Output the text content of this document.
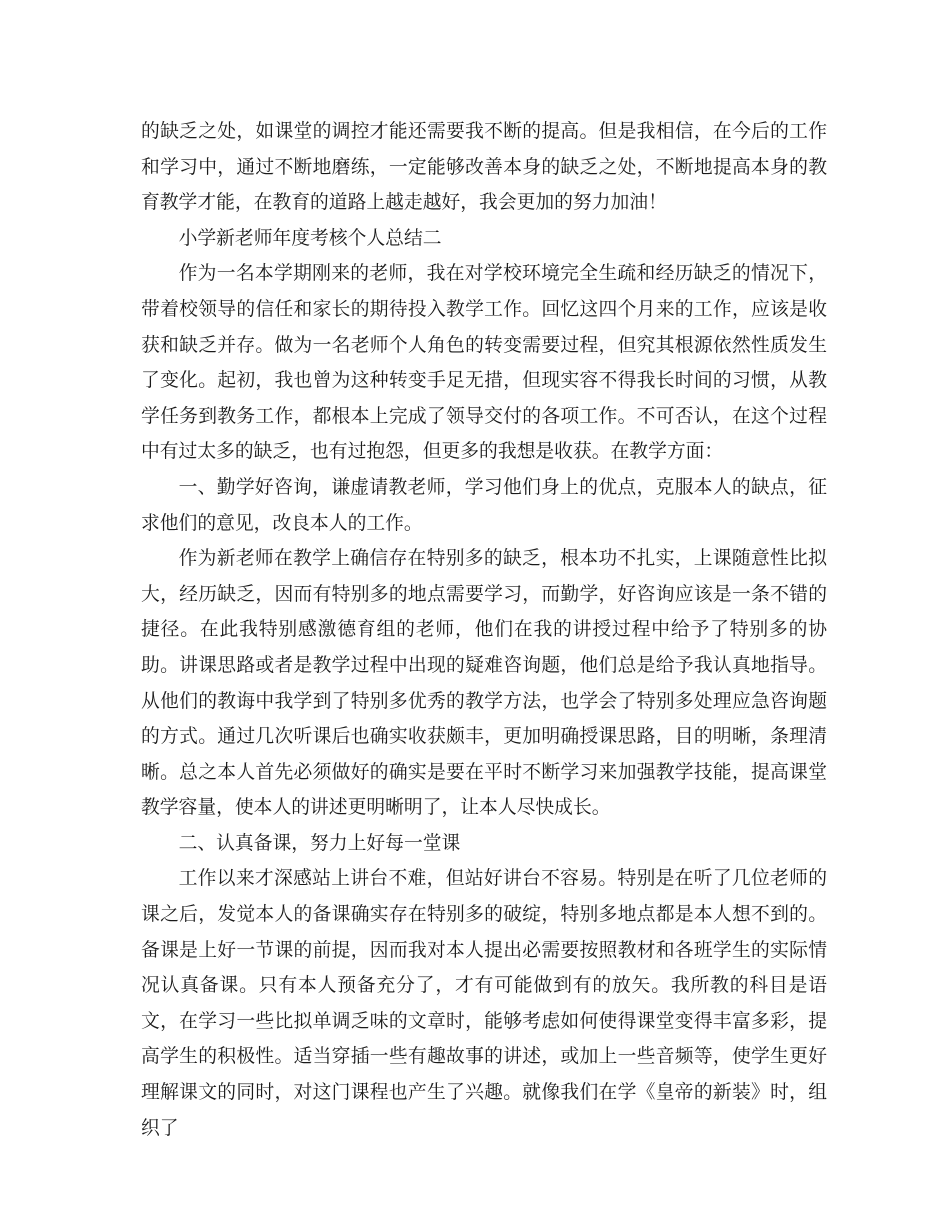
的缺乏之处，如课堂的调控才能还需要我不断的提高。但是我相信，在今后的工作和学习中，通过不断地磨练，一定能够改善本身的缺乏之处，不断地提高本身的教育教学才能，在教育的道路上越走越好，我会更加的努力加油！

小学新老师年度考核个人总结二

作为一名本学期刚来的老师，我在对学校环境完全生疏和经历缺乏的情况下，带着校领导的信任和家长的期待投入教学工作。回忆这四个月来的工作，应该是收获和缺乏并存。做为一名老师个人角色的转变需要过程，但究其根源依然性质发生了变化。起初，我也曾为这种转变手足无措，但现实容不得我长时间的习惯，从教学任务到教务工作，都根本上完成了领导交付的各项工作。不可否认，在这个过程中有过太多的缺乏，也有过抱怨，但更多的我想是收获。在教学方面：

一、勤学好咨询，谦虚请教老师，学习他们身上的优点，克服本人的缺点，征求他们的意见，改良本人的工作。

作为新老师在教学上确信存在特别多的缺乏，根本功不扎实，上课随意性比拟大，经历缺乏，因而有特别多的地点需要学习，而勤学，好咨询应该是一条不错的捷径。在此我特别感激德育组的老师，他们在我的讲授过程中给予了特别多的协助。讲课思路或者是教学过程中出现的疑难咨询题，他们总是给予我认真地指导。从他们的教诲中我学到了特别多优秀的教学方法，也学会了特别多处理应急咨询题的方式。通过几次听课后也确实收获颇丰，更加明确授课思路，目的明晰，条理清晰。总之本人首先必须做好的确实是要在平时不断学习来加强教学技能，提高课堂教学容量，使本人的讲述更明晰明了，让本人尽快成长。

二、认真备课，努力上好每一堂课

工作以来才深感站上讲台不难，但站好讲台不容易。特别是在听了几位老师的课之后，发觉本人的备课确实存在特别多的破绽，特别多地点都是本人想不到的。备课是上好一节课的前提，因而我对本人提出必需要按照教材和各班学生的实际情况认真备课。只有本人预备充分了，才有可能做到有的放矢。我所教的科目是语文，在学习一些比拟单调乏味的文章时，能够考虑如何使得课堂变得丰富多彩，提高学生的积极性。适当穿插一些有趣故事的讲述，或加上一些音频等，使学生更好理解课文的同时，对这门课程也产生了兴趣。就像我们在学《皇帝的新装》时，组织了
